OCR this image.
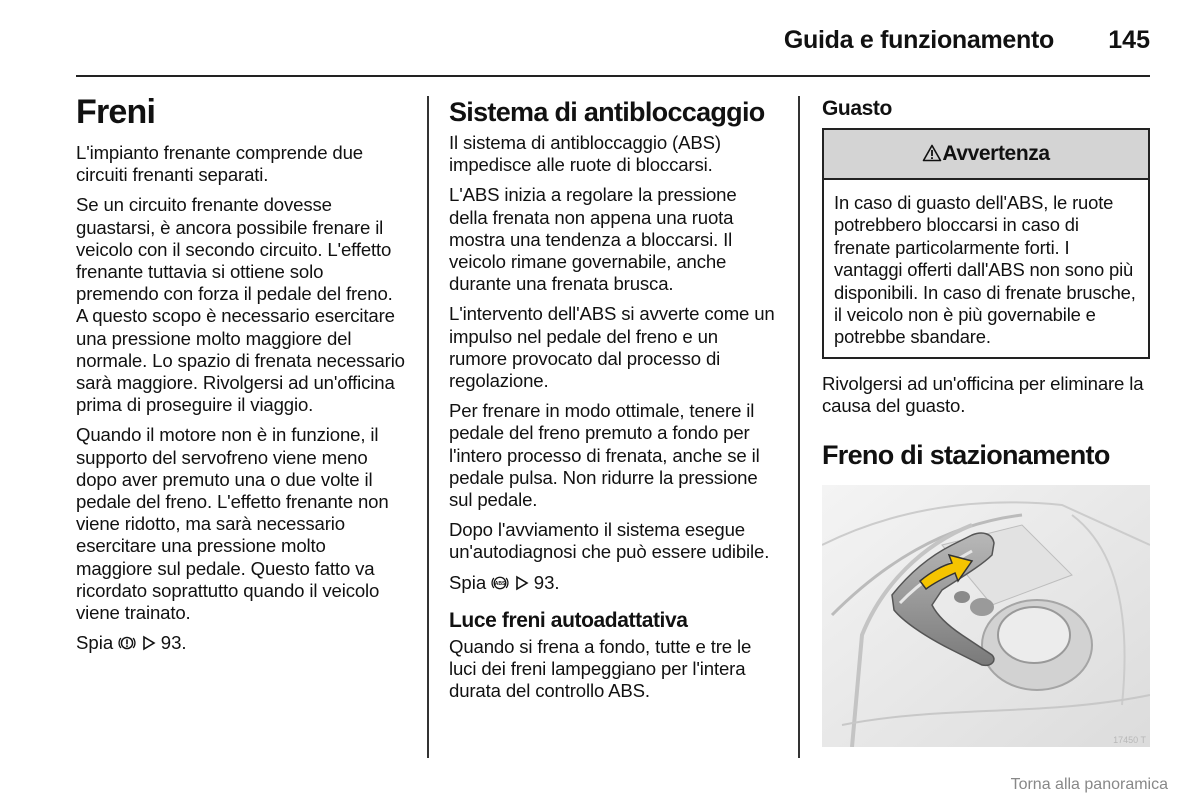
Guida e funzionamento 145
Freni

L'impianto frenante comprende due circuiti frenanti separati.

Se un circuito frenante dovesse guastarsi, è ancora possibile frenare il veicolo con il secondo circuito. L'effetto frenante tuttavia si ottiene solo premendo con forza il pedale del freno. A questo scopo è necessario esercitare una pressione molto maggiore del normale. Lo spazio di frenata necessario sarà maggiore. Rivolgersi ad un'officina prima di proseguire il viaggio.

Quando il motore non è in funzione, il supporto del servofreno viene meno dopo aver premuto una o due volte il pedale del freno. L'effetto frenante non viene ridotto, ma sarà necessario esercitare una pressione molto maggiore sul pedale. Questo fatto va ricordato soprattutto quando il veicolo viene trainato.

Spia	93.
Sistema di antibloccaggio

Il sistema di antibloccaggio (ABS) impedisce alle ruote di bloccarsi.

L'ABS inizia a regolare la pressione della frenata non appena una ruota mostra una tendenza a bloccarsi. Il veicolo rimane governabile, anche durante una frenata brusca.

L'intervento dell'ABS si avverte come un impulso nel pedale del freno e un rumore provocato dal processo di regolazione.

Per frenare in modo ottimale, tenere il pedale del freno premuto a fondo per l'intero processo di frenata, anche se il pedale pulsa. Non ridurre la pressione sul pedale.

Dopo l'avviamento il sistema esegue un'autodiagnosi che può essere udibile.

Spia ABS 93.
Luce freni autoadattativa

Quando si frena a fondo, tutte e tre le luci dei freni lampeggiano per l'intera durata del controllo ABS.

Guasto
Avvertenza
In caso di guasto dell'ABS, le ruote potrebbero bloccarsi in caso di frenate particolarmente forti. I vantaggi offerti dall'ABS non sono più disponibili. In caso di frenate brusche, il veicolo non è più governabile e potrebbe sbandare.

Rivolgersi ad un'officina per eliminare la causa del guasto.

Freno di stazionamento
17450 T
Torna alla panoramica
